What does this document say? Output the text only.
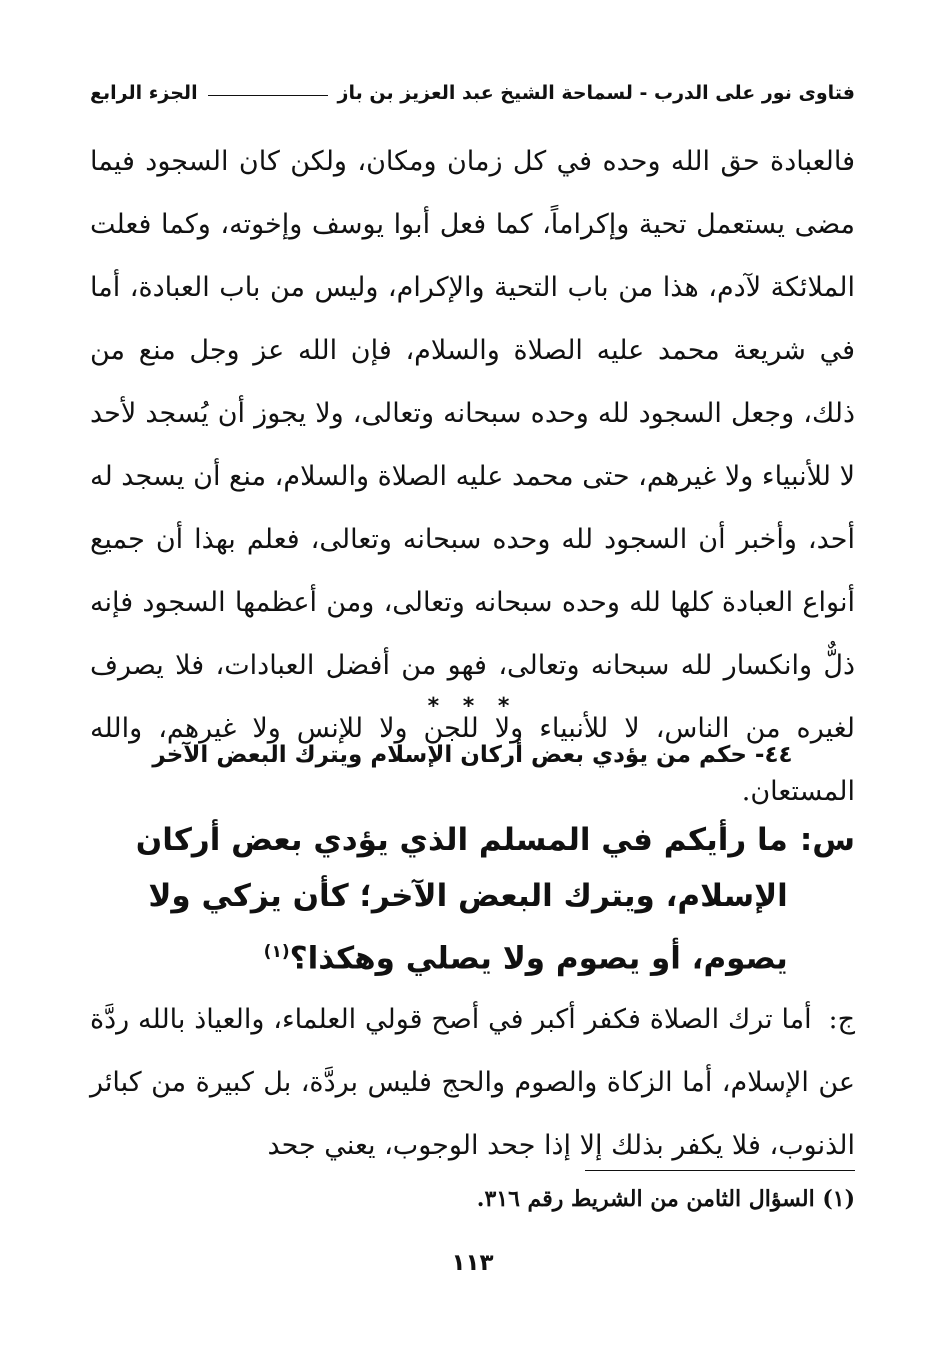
فتاوى نور على الدرب - لسماحة الشيخ عبد العزيز بن باز
الجزء الرابع

فالعبادة حق الله وحده في كل زمان ومكان، ولكن كان السجود فيما مضى يستعمل تحية وإكراماً، كما فعل أبوا يوسف وإخوته، وكما فعلت الملائكة لآدم، هذا من باب التحية والإكرام، وليس من باب العبادة، أما في شريعة محمد عليه الصلاة والسلام، فإن الله عز وجل منع من ذلك، وجعل السجود لله وحده سبحانه وتعالى، ولا يجوز أن يُسجد لأحد لا للأنبياء ولا غيرهم، حتى محمد عليه الصلاة والسلام، منع أن يسجد له أحد، وأخبر أن السجود لله وحده سبحانه وتعالى، فعلم بهذا أن جميع أنواع العبادة كلها لله وحده سبحانه وتعالى، ومن أعظمها السجود فإنه ذلٌّ وانكسار لله سبحانه وتعالى، فهو من أفضل العبادات، فلا يصرف لغيره من الناس، لا للأنبياء ولا للجن ولا للإنس ولا غيرهم، والله المستعان.

* * *
٤٤- حكم من يؤدي بعض أركان الإسلام ويترك البعض الآخر
س:
ما رأيكم في المسلم الذي يؤدي بعض أركان الإسلام، ويترك البعض الآخر؛ كأن يزكي ولا يصوم، أو يصوم ولا يصلي وهكذا؟$^{(١)}$
ج: أما ترك الصلاة فكفر أكبر في أصح قولي العلماء، والعياذ بالله ردَّة عن الإسلام، أما الزكاة والصوم والحج فليس بردَّة، بل كبيرة من كبائر الذنوب، فلا يكفر بذلك إلا إذا جحد الوجوب، يعني جحد
(١) السؤال الثامن من الشريط رقم ٣١٦.
١١٣
